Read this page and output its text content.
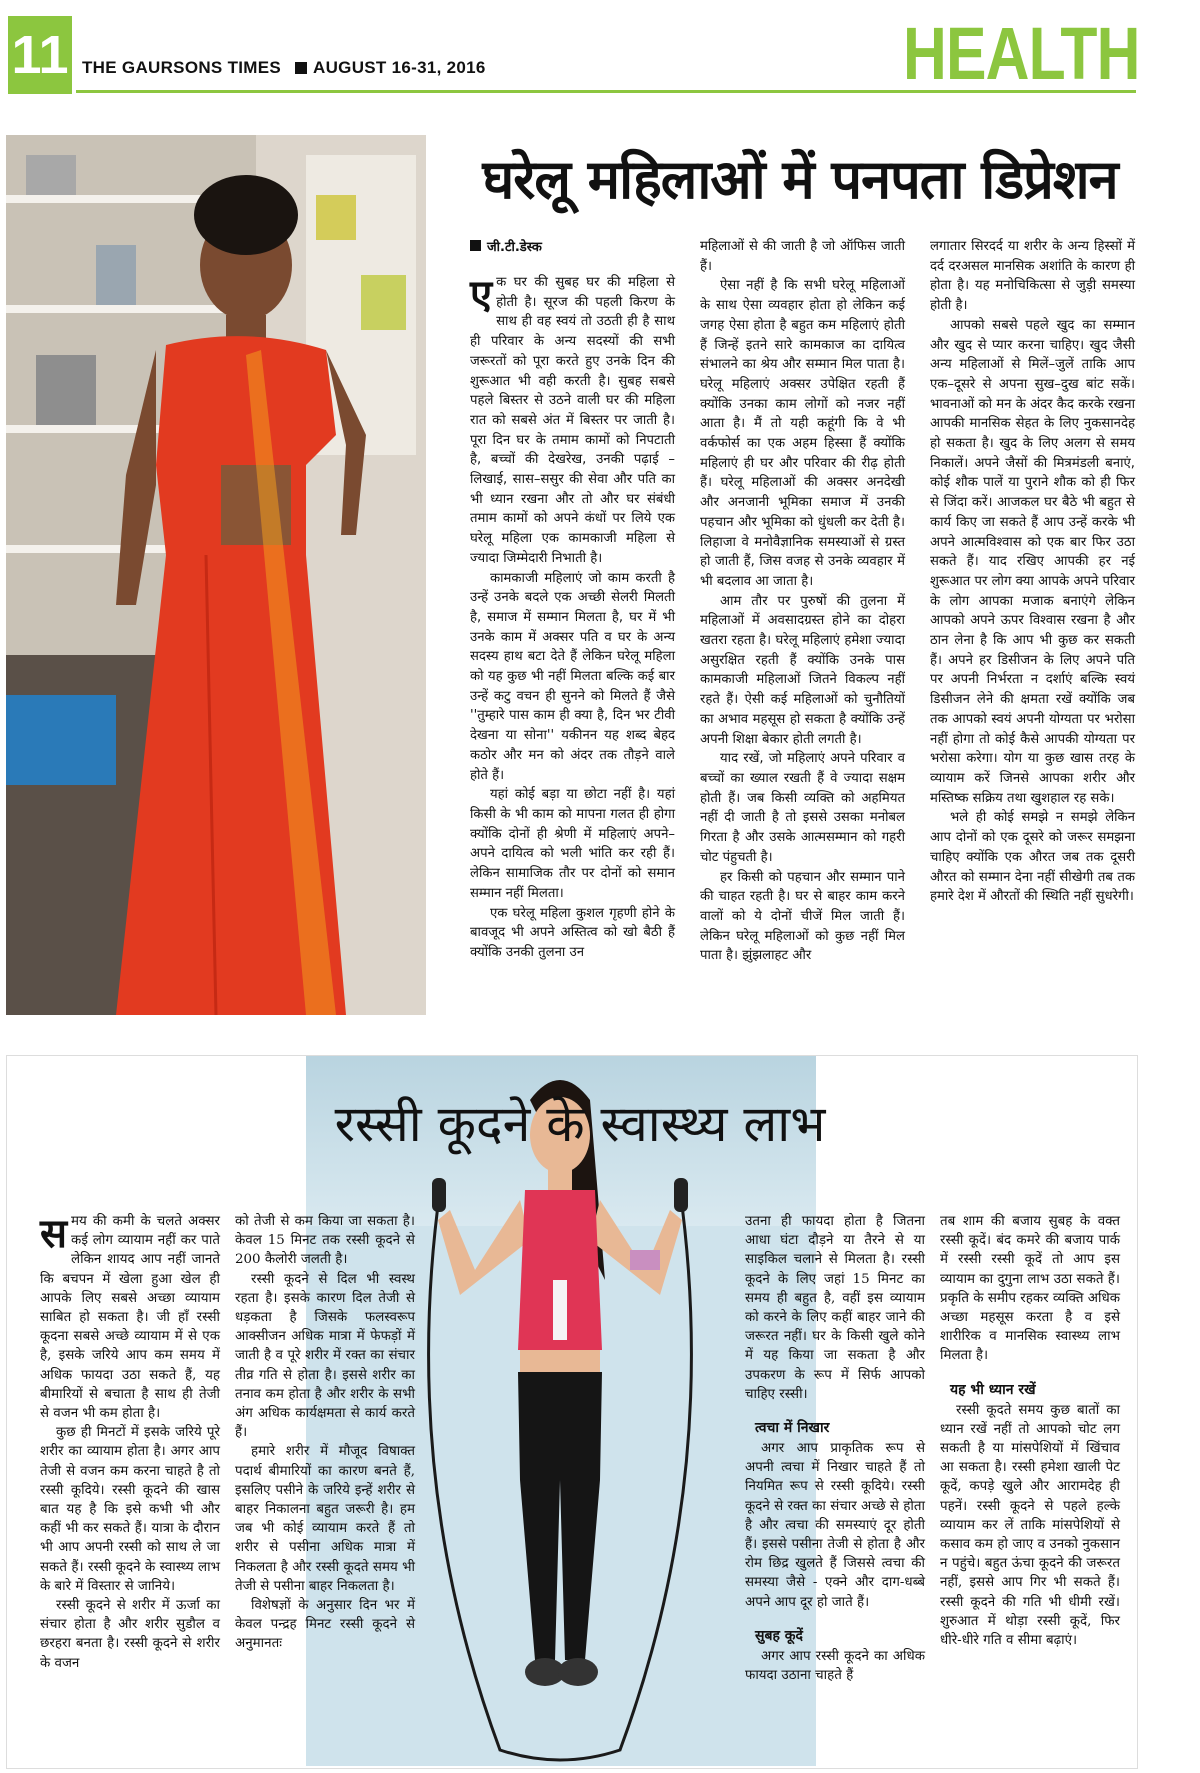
11 THE GAURSONS TIMES AUGUST 16-31, 2016	HEALTH
घरेलू महिलाओं में पनपता डिप्रेशन
जी.टी.डेस्क

एक घर की सुबह घर की महिला से होती है। सूरज की पहली किरण के साथ ही वह स्वयं तो उठती ही है साथ ही परिवार के अन्य सदस्यों की सभी जरूरतों को पूरा करते हुए उनके दिन की शुरूआत भी वही करती है। सुबह सबसे पहले बिस्तर से उठने वाली घर की महिला रात को सबसे अंत में बिस्तर पर जाती है। पूरा दिन घर के तमाम कामों को निपटाती है, बच्चों की देखरेख, उनकी पढ़ाई – लिखाई, सास–ससुर की सेवा और पति का भी ध्यान रखना और तो और घर संबंधी तमाम कामों को अपने कंधों पर लिये एक घरेलू महिला एक कामकाजी महिला से ज्यादा जिम्मेदारी निभाती है।

कामकाजी महिलाएं जो काम करती है उन्हें उनके बदले एक अच्छी सेलरी मिलती है, समाज में सम्मान मिलता है, घर में भी उनके काम में अक्सर पति व घर के अन्य सदस्य हाथ बटा देते हैं लेकिन घरेलू महिला को यह कुछ भी नहीं मिलता बल्कि कई बार उन्हें कटु वचन ही सुनने को मिलते हैं जैसे ''तुम्हारे पास काम ही क्या है, दिन भर टीवी देखना या सोना'' यकीनन यह शब्द बेहद कठोर और मन को अंदर तक तौड़ने वाले होते हैं।

यहां कोई बड़ा या छोटा नहीं है। यहां किसी के भी काम को मापना गलत ही होगा क्योंकि दोनों ही श्रेणी में महिलाएं अपने–अपने दायित्व को भली भांति कर रही हैं। लेकिन सामाजिक तौर पर दोनों को समान सम्मान नहीं मिलता।

एक घरेलू महिला कुशल गृहणी होने के बावजूद भी अपने अस्तित्व को खो बैठी हैं क्योंकि उनकी तुलना उन

महिलाओं से की जाती है जो ऑफिस जाती हैं।

ऐसा नहीं है कि सभी घरेलू महिलाओं के साथ ऐसा व्यवहार होता हो लेकिन कई जगह ऐसा होता है बहुत कम महिलाएं होती हैं जिन्हें इतने सारे कामकाज का दायित्व संभालने का श्रेय और सम्मान मिल पाता है। घरेलू महिलाएं अक्सर उपेक्षित रहती हैं क्योंकि उनका काम लोगों को नजर नहीं आता है। मैं तो यही कहूंगी कि वे भी वर्कफोर्स का एक अहम हिस्सा हैं क्योंकि महिलाएं ही घर और परिवार की रीढ़ होती हैं। घरेलू महिलाओं की अक्सर अनदेखी और अनजानी भूमिका समाज में उनकी पहचान और भूमिका को धुंधली कर देती है। लिहाजा वे मनोवैज्ञानिक समस्याओं से ग्रस्त हो जाती हैं, जिस वजह से उनके व्यवहार में भी बदलाव आ जाता है।

आम तौर पर पुरुषों की तुलना में महिलाओं में अवसादग्रस्त होने का दोहरा खतरा रहता है। घरेलू महिलाएं हमेशा ज्यादा असुरक्षित रहती हैं क्योंकि उनके पास कामकाजी महिलाओं जितने विकल्प नहीं रहते हैं। ऐसी कई महिलाओं को चुनौतियों का अभाव महसूस हो सकता है क्योंकि उन्हें अपनी शिक्षा बेकार होती लगती है।

याद रखें, जो महिलाएं अपने परिवार व बच्चों का ख्याल रखती हैं वे ज्यादा सक्षम होती हैं। जब किसी व्यक्ति को अहमियत नहीं दी जाती है तो इससे उसका मनोबल गिरता है और उसके आत्मसम्मान को गहरी चोट पंहुचती है।

हर किसी को पहचान और सम्मान पाने की चाहत रहती है। घर से बाहर काम करने वालों को ये दोनों चीजें मिल जाती हैं। लेकिन घरेलू महिलाओं को कुछ नहीं मिल पाता है। झुंझलाहट और

लगातार सिरदर्द या शरीर के अन्य हिस्सों में दर्द दरअसल मानसिक अशांति के कारण ही होता है। यह मनोचिकित्सा से जुड़ी समस्या होती है।

आपको सबसे पहले खुद का सम्मान और खुद से प्यार करना चाहिए। खुद जैसी अन्य महिलाओं से मिलें–जुलें ताकि आप एक–दूसरे से अपना सुख–दुख बांट सकें। भावनाओं को मन के अंदर कैद करके रखना आपकी मानसिक सेहत के लिए नुकसानदेह हो सकता है। खुद के लिए अलग से समय निकालें। अपने जैसों की मित्रमंडली बनाएं, कोई शौक पालें या पुराने शौक को ही फिर से जिंदा करें। आजकल घर बैठे भी बहुत से कार्य किए जा सकते हैं आप उन्हें करके भी अपने आत्मविश्वास को एक बार फिर उठा सकते हैं। याद रखिए आपकी हर नई शुरूआत पर लोग क्या आपके अपने परिवार के लोग आपका मजाक बनाएंगे लेकिन आपको अपने ऊपर विश्वास रखना है और ठान लेना है कि आप भी कुछ कर सकती हैं। अपने हर डिसीजन के लिए अपने पति पर अपनी निर्भरता न दर्शाएं बल्कि स्वयं डिसीजन लेने की क्षमता रखें क्योंकि जब तक आपको स्वयं अपनी योग्यता पर भरोसा नहीं होगा तो कोई कैसे आपकी योग्यता पर भरोसा करेगा। योग या कुछ खास तरह के व्यायाम करें जिनसे आपका शरीर और मस्तिष्क सक्रिय तथा खुशहाल रह सके।

भले ही कोई समझे न समझे लेकिन आप दोनों को एक दूसरे को जरूर समझना चाहिए क्योंकि एक औरत जब तक दूसरी औरत को सम्मान देना नहीं सीखेगी तब तक हमारे देश में औरतों की स्थिति नहीं सुधरेगी।

रस्सी कूदने के स्वास्थ्य लाभ

समय की कमी के चलते अक्सर कई लोग व्यायाम नहीं कर पाते लेकिन शायद आप नहीं जानते कि बचपन में खेला हुआ खेल ही आपके लिए सबसे अच्छा व्यायाम साबित हो सकता है। जी हाँ रस्सी कूदना सबसे अच्छे व्यायाम में से एक है, इसके जरिये आप कम समय में अधिक फायदा उठा सकते हैं, यह बीमारियों से बचाता है साथ ही तेजी से वजन भी कम होता है।

कुछ ही मिनटों में इसके जरिये पूरे शरीर का व्यायाम होता है। अगर आप तेजी से वजन कम करना चाहते है तो रस्सी कूदिये। रस्सी कूदने की खास बात यह है कि इसे कभी भी और कहीं भी कर सकते हैं। यात्रा के दौरान भी आप अपनी रस्सी को साथ ले जा सकते हैं। रस्सी कूदने के स्वास्थ्य लाभ के बारे में विस्तार से जानिये।

रस्सी कूदने से शरीर में ऊर्जा का संचार होता है और शरीर सुडौल व छरहरा बनता है। रस्सी कूदने से शरीर के वजन

को तेजी से कम किया जा सकता है। केवल 15 मिनट तक रस्सी कूदने से 200 कैलोरी जलती है।

रस्सी कूदने से दिल भी स्वस्थ रहता है। इसके कारण दिल तेजी से धड़कता है जिसके फलस्वरूप आक्सीजन अधिक मात्रा में फेफड़ों में जाती है व पूरे शरीर में रक्त का संचार तीव्र गति से होता है। इससे शरीर का तनाव कम होता है और शरीर के सभी अंग अधिक कार्यक्षमता से कार्य करते हैं।

हमारे शरीर में मौजूद विषाक्त पदार्थ बीमारियों का कारण बनते हैं, इसलिए पसीने के जरिये इन्हें शरीर से बाहर निकालना बहुत जरूरी है। हम जब भी कोई व्यायाम करते हैं तो शरीर से पसीना अधिक मात्रा में निकलता है और रस्सी कूदते समय भी तेजी से पसीना बाहर निकलता है।

विशेषज्ञों के अनुसार दिन भर में केवल पन्द्रह मिनट रस्सी कूदने से अनुमानतः

उतना ही फायदा होता है जितना आधा घंटा दौड़ने या तैरने से या साइकिल चलाने से मिलता है। रस्सी कूदने के लिए जहां 15 मिनट का समय ही बहुत है, वहीं इस व्यायाम को करने के लिए कहीं बाहर जाने की जरूरत नहीं। घर के किसी खुले कोने में यह किया जा सकता है और उपकरण के रूप में सिर्फ आपको चाहिए रस्सी।

त्वचा में निखार

अगर आप प्राकृतिक रूप से अपनी त्वचा में निखार चाहते हैं तो नियमित रूप से रस्सी कूदिये। रस्सी कूदने से रक्त का संचार अच्छे से होता है और त्वचा की समस्याएं दूर होती हैं। इससे पसीना तेजी से होता है और रोम छिद्र खुलते हैं जिससे त्वचा की समस्या जैसे - एक्ने और दाग-धब्बे अपने आप दूर हो जाते हैं।

सुबह कूदें

अगर आप रस्सी कूदने का अधिक फायदा उठाना चाहते हैं

तब शाम की बजाय सुबह के वक्त रस्सी कूदें। बंद कमरे की बजाय पार्क में रस्सी रस्सी कूदें तो आप इस व्यायाम का दुगुना लाभ उठा सकते हैं। प्रकृति के समीप रहकर व्यक्ति अधिक अच्छा महसूस करता है व इसे शारीरिक व मानसिक स्वास्थ्य लाभ मिलता है।

यह भी ध्यान रखें

रस्सी कूदते समय कुछ बातों का ध्यान रखें नहीं तो आपको चोट लग सकती है या मांसपेशियों में खिंचाव आ सकता है। रस्सी हमेशा खाली पेट कूदें, कपड़े खुले और आरामदेह ही पहनें। रस्सी कूदने से पहले हल्के व्यायाम कर लें ताकि मांसपेशियों से कसाव कम हो जाए व उनको नुकसान न पहुंचे। बहुत ऊंचा कूदने की जरूरत नहीं, इससे आप गिर भी सकते हैं। रस्सी कूदने की गति भी धीमी रखें। शुरुआत में थोड़ा रस्सी कूदें, फिर धीरे-धीरे गति व सीमा बढ़ाएं।
